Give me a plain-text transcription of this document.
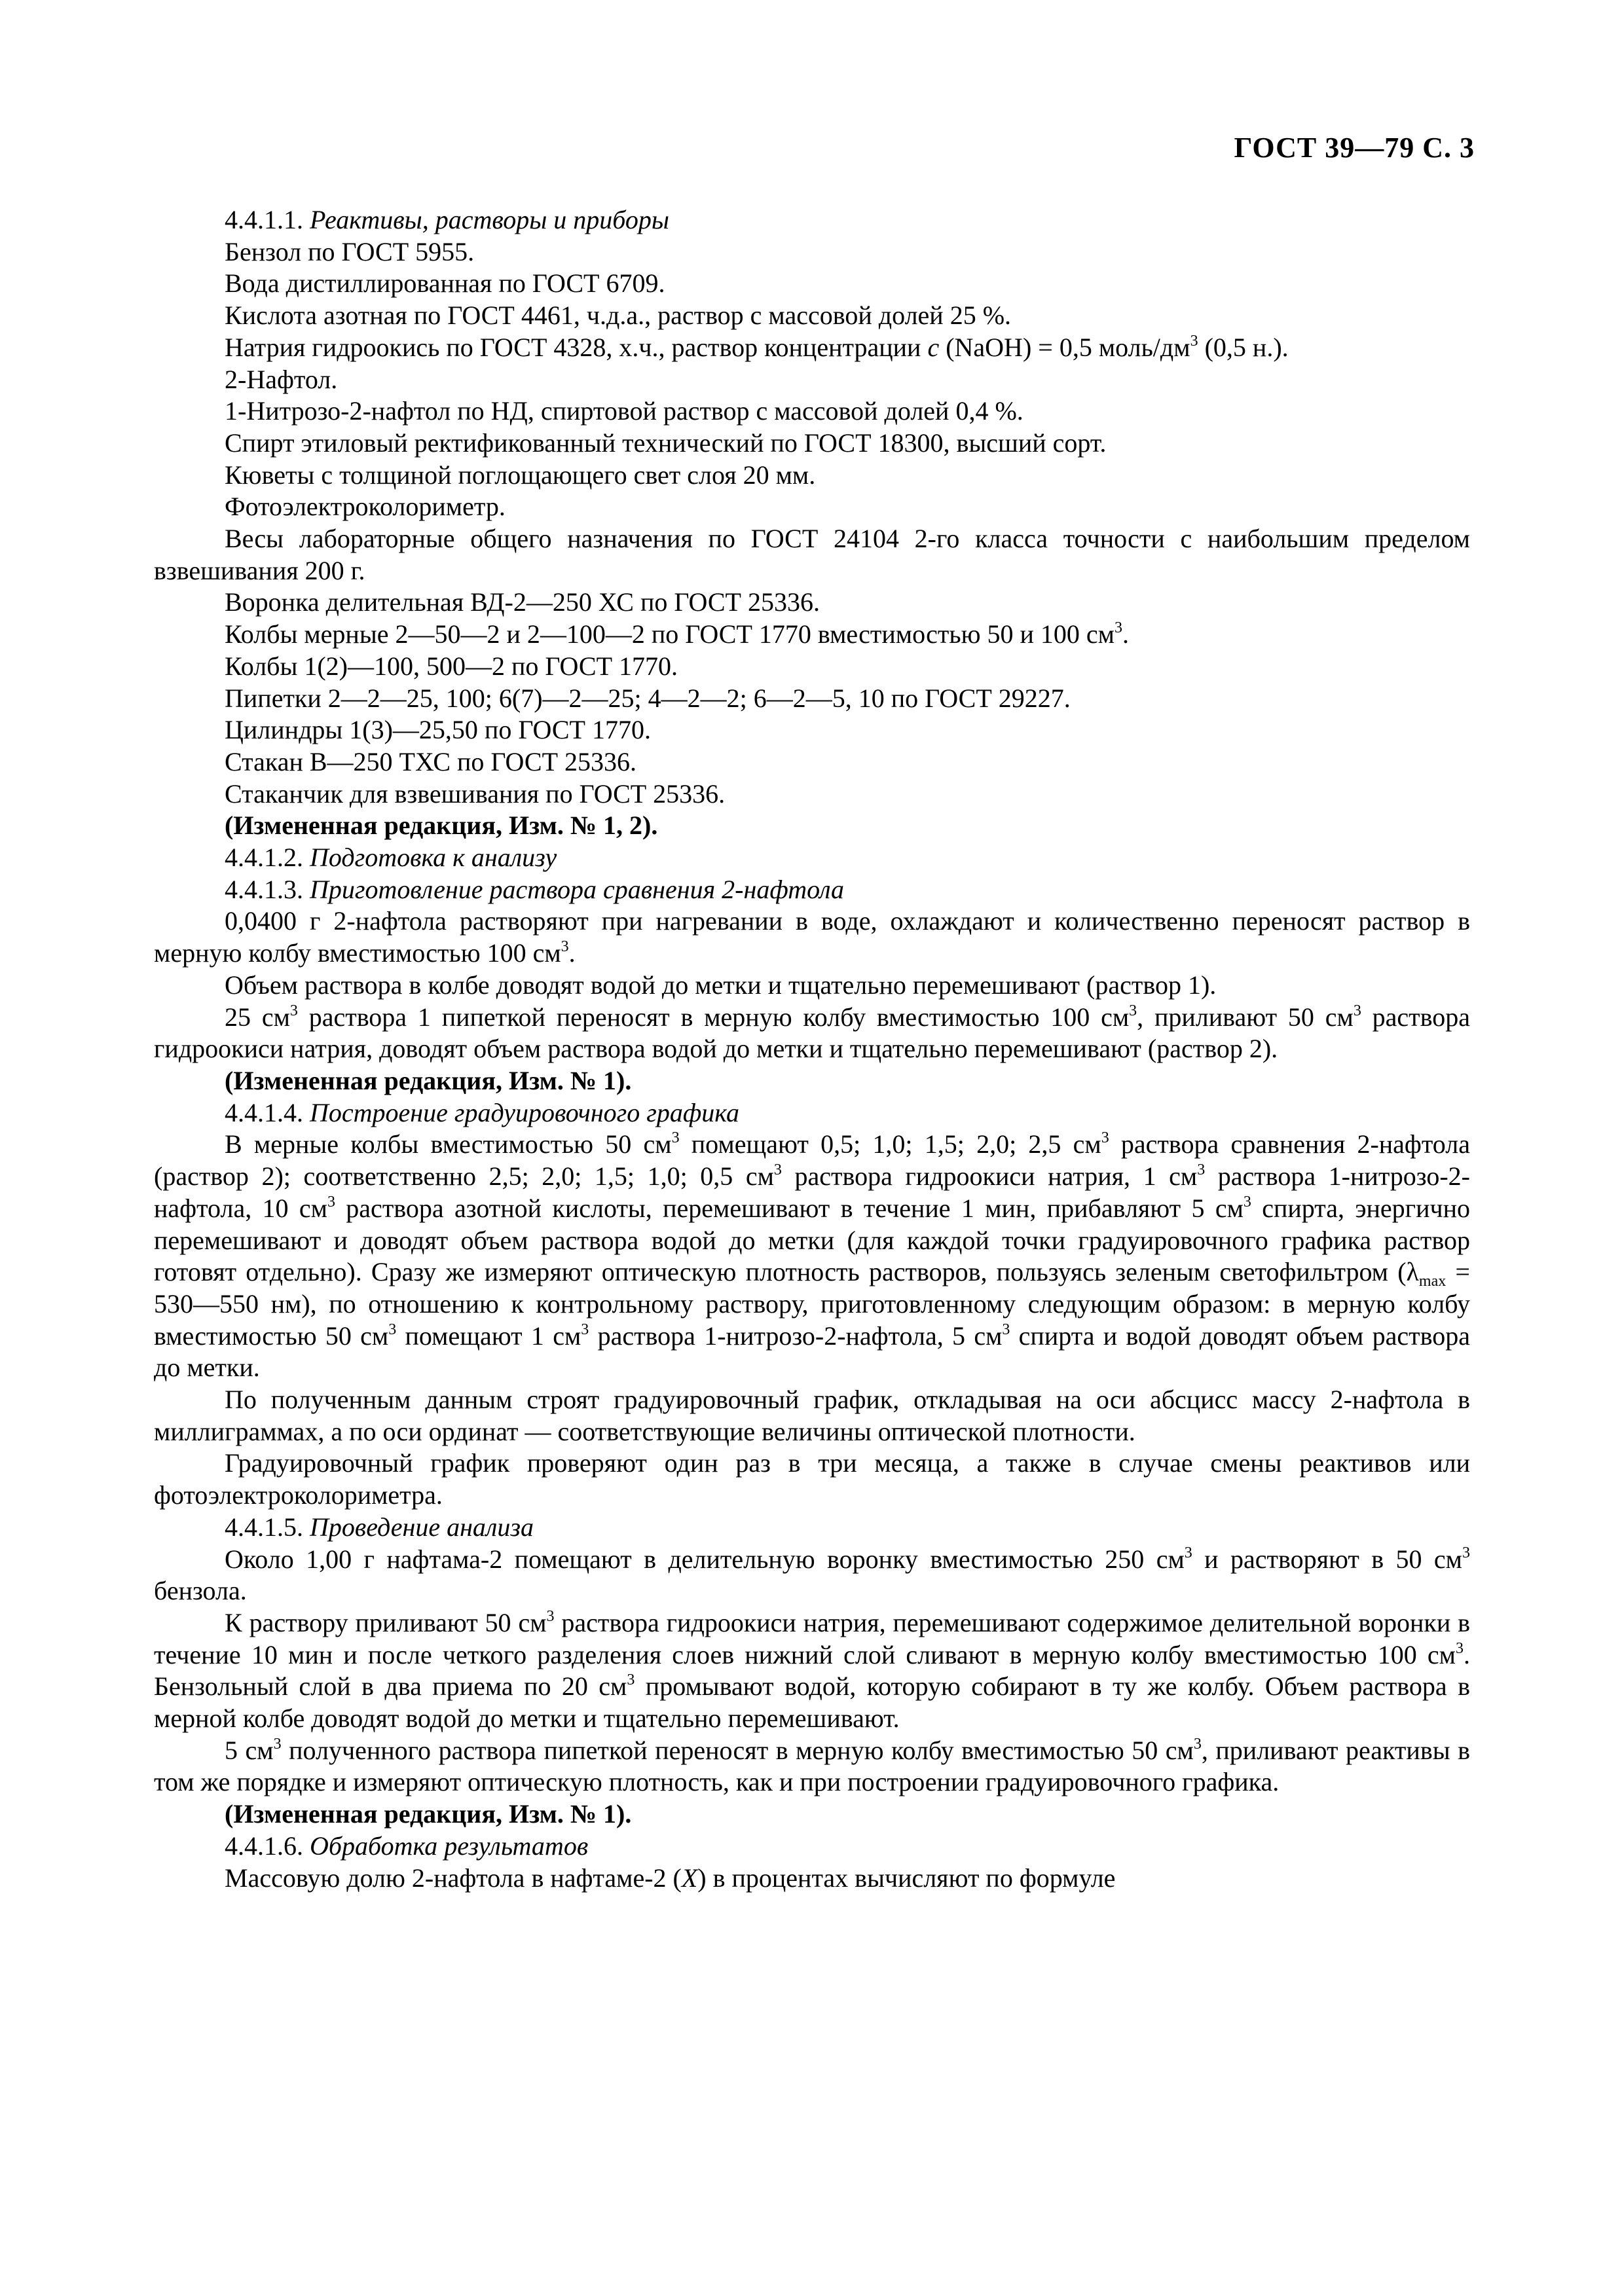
ГОСТ 39—79 С. 3

4.4.1.1. Реактивы, растворы и приборы

Бензол по ГОСТ 5955.

Вода дистиллированная по ГОСТ 6709.

Кислота азотная по ГОСТ 4461, ч.д.а., раствор с массовой долей 25 %.

Натрия гидроокись по ГОСТ 4328, х.ч., раствор концентрации c (NaOH) = 0,5 моль/$дм^3$ (0,5 н.).

2-Нафтол.

1-Нитрозо-2-нафтол по НД, спиртовой раствор с массовой долей 0,4 %.

Спирт этиловый ректификованный технический по ГОСТ 18300, высший сорт.

Кюветы с толщиной поглощающего свет слоя 20 мм.

Фотоэлектроколориметр.

Весы лабораторные общего назначения по ГОСТ 24104 2-го класса точности с наибольшим пределом взвешивания 200 г.

Воронка делительная ВД-2—250 ХС по ГОСТ 25336.

Колбы мерные 2—50—2 и 2—100—2 по ГОСТ 1770 вместимостью 50 и 100 $см^3$.

Колбы 1(2)—100, 500—2 по ГОСТ 1770.

Пипетки 2—2—25, 100; 6(7)—2—25; 4—2—2; 6—2—5, 10 по ГОСТ 29227.

Цилиндры 1(3)—25,50 по ГОСТ 1770.

Стакан В—250 ТХС по ГОСТ 25336.

Стаканчик для взвешивания по ГОСТ 25336.

(Измененная редакция, Изм. № 1, 2).

4.4.1.2. Подготовка к анализу

4.4.1.3. Приготовление раствора сравнения 2-нафтола

0,0400 г 2-нафтола растворяют при нагревании в воде, охлаждают и количественно переносят раствор в мерную колбу вместимостью 100 $см^3$.

Объем раствора в колбе доводят водой до метки и тщательно перемешивают (раствор 1).

25 $см^3$ раствора 1 пипеткой переносят в мерную колбу вместимостью 100 $см^3$, приливают 50 $см^3$ раствора гидроокиси натрия, доводят объем раствора водой до метки и тщательно перемешивают (раствор 2).

(Измененная редакция, Изм. № 1).

4.4.1.4. Построение градуировочного графика

В мерные колбы вместимостью 50 $см^3$ помещают 0,5; 1,0; 1,5; 2,0; 2,5 $см^3$ раствора сравнения 2-нафтола (раствор 2); соответственно 2,5; 2,0; 1,5; 1,0; 0,5 $см^3$ раствора гидроокиси натрия, 1 $см^3$ раствора 1-нитрозо-2-нафтола, 10 $см^3$ раствора азотной кислоты, перемешивают в течение 1 мин, прибавляют 5 $см^3$ спирта, энергично перемешивают и доводят объем раствора водой до метки (для каждой точки градуировочного графика раствор готовят отдельно). Сразу же измеряют оптическую плотность растворов, пользуясь зеленым светофильтром ($\lambda_{max}$ = 530—550 нм), по отношению к контрольному раствору, приготовленному следующим образом: в мерную колбу вместимостью 50 $см^3$ помещают 1 $см^3$ раствора 1-нитрозо-2-нафтола, 5 $см^3$ спирта и водой доводят объем раствора до метки.

По полученным данным строят градуировочный график, откладывая на оси абсцисс массу 2-нафтола в миллиграммах, а по оси ординат — соответствующие величины оптической плотности.

Градуировочный график проверяют один раз в три месяца, а также в случае смены реактивов или фотоэлектроколориметра.

4.4.1.5. Проведение анализа

Около 1,00 г нафтама-2 помещают в делительную воронку вместимостью 250 $см^3$ и растворяют в 50 $см^3$ бензола.

К раствору приливают 50 $см^3$ раствора гидроокиси натрия, перемешивают содержимое делительной воронки в течение 10 мин и после четкого разделения слоев нижний слой сливают в мерную колбу вместимостью 100 $см^3$. Бензольный слой в два приема по 20 $см^3$ промывают водой, которую собирают в ту же колбу. Объем раствора в мерной колбе доводят водой до метки и тщательно перемешивают.

5 $см^3$ полученного раствора пипеткой переносят в мерную колбу вместимостью 50 $см^3$, приливают реактивы в том же порядке и измеряют оптическую плотность, как и при построении градуировочного графика.

(Измененная редакция, Изм. № 1).

4.4.1.6. Обработка результатов

Массовую долю 2-нафтола в нафтаме-2 (X) в процентах вычисляют по формуле
